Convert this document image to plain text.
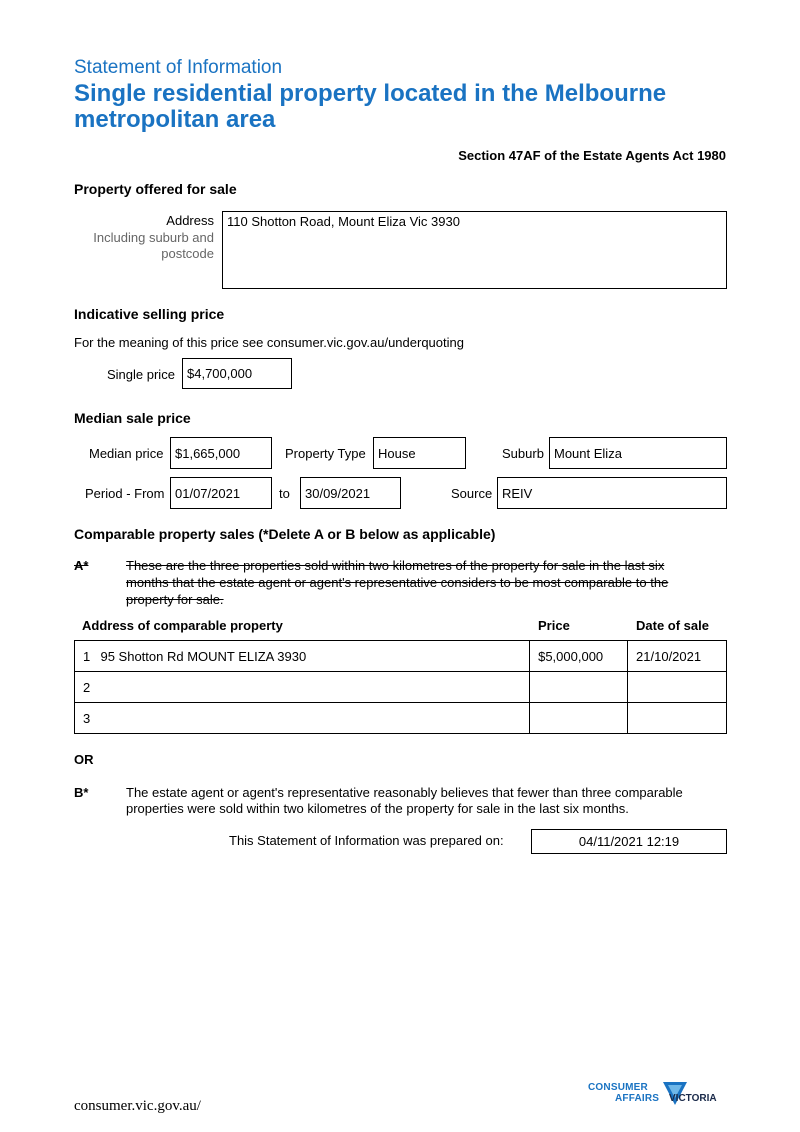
Statement of Information
Single residential property located in the Melbourne
metropolitan area
Section 47AF of the Estate Agents Act 1980
Property offered for sale
Address
Including suburb and
postcode
110 Shotton Road, Mount Eliza Vic 3930
Indicative selling price
For the meaning of this price see consumer.vic.gov.au/underquoting
Single price $4,700,000
Median sale price
Median price $1,665,000	Property Type House	Suburb Mount Eliza
Period - From 01/07/2021	to 30/09/2021	Source REIV
Comparable property sales (*Delete A or B below as applicable)
A*	These are the three properties sold within two kilometres of the property for sale in the last six
months that the estate agent or agent's representative considers to be most comparable to the
property for sale.
Address of comparable property	Price	Date of sale
1	95 Shotton Rd MOUNT ELIZA 3930	$5,000,000	21/10/2021
2			
3			
OR
B*	The estate agent or agent's representative reasonably believes that fewer than three comparable
properties were sold within two kilometres of the property for sale in the last six months.
This Statement of Information was prepared on:	04/11/2021 12:19
consumer.vic.gov.au/
CONSUMER
AFFAIRS VICTORIA
